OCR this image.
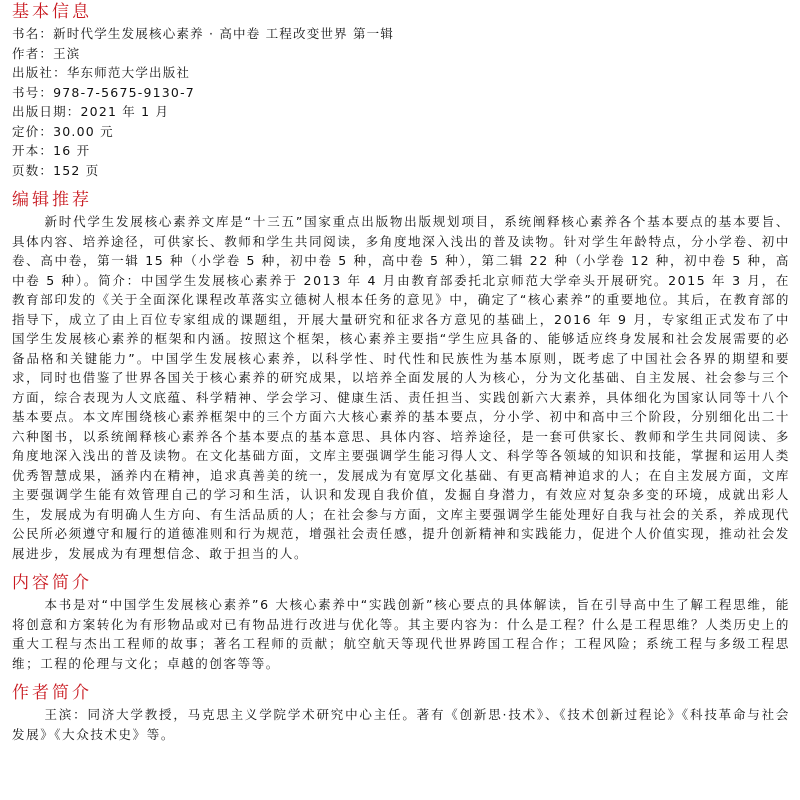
基本信息
书名：新时代学生发展核心素养 · 高中卷 工程改变世界 第一辑
作者：王滨
出版社：华东师范大学出版社
书号：978-7-5675-9130-7
出版日期：2021 年 1 月
定价：30.00 元
开本：16 开
页数：152 页
编辑推荐

新时代学生发展核心素养文库是“十三五”国家重点出版物出版规划项目，系统阐释核心素养各个基本要点的基本要旨、具体内容、培养途径，可供家长、教师和学生共同阅读，多角度地深入浅出的普及读物。针对学生年龄特点，分小学卷、初中卷、高中卷，第一辑 15 种（小学卷 5 种，初中卷 5 种，高中卷 5 种），第二辑 22 种（小学卷 12 种，初中卷 5 种，高中卷 5 种）。简介：中国学生发展核心素养于 2013 年 4 月由教育部委托北京师范大学牵头开展研究。2015 年 3 月，在教育部印发的《关于全面深化课程改革落实立德树人根本任务的意见》中，确定了“核心素养”的重要地位。其后，在教育部的指导下，成立了由上百位专家组成的课题组，开展大量研究和征求各方意见的基础上，2016 年 9 月，专家组正式发布了中国学生发展核心素养的框架和内涵。按照这个框架，核心素养主要指“学生应具备的、能够适应终身发展和社会发展需要的必备品格和关键能力”。中国学生发展核心素养，以科学性、时代性和民族性为基本原则，既考虑了中国社会各界的期望和要求，同时也借鉴了世界各国关于核心素养的研究成果，以培养全面发展的人为核心，分为文化基础、自主发展、社会参与三个方面，综合表现为人文底蕴、科学精神、学会学习、健康生活、责任担当、实践创新六大素养，具体细化为国家认同等十八个基本要点。本文库围绕核心素养框架中的三个方面六大核心素养的基本要点，分小学、初中和高中三个阶段，分别细化出二十六种图书，以系统阐释核心素养各个基本要点的基本意思、具体内容、培养途径，是一套可供家长、教师和学生共同阅读、多角度地深入浅出的普及读物。在文化基础方面，文库主要强调学生能习得人文、科学等各领域的知识和技能，掌握和运用人类优秀智慧成果，涵养内在精神，追求真善美的统一，发展成为有宽厚文化基础、有更高精神追求的人；在自主发展方面，文库主要强调学生能有效管理自己的学习和生活，认识和发现自我价值，发掘自身潜力，有效应对复杂多变的环境，成就出彩人生，发展成为有明确人生方向、有生活品质的人；在社会参与方面，文库主要强调学生能处理好自我与社会的关系，养成现代公民所必须遵守和履行的道德准则和行为规范，增强社会责任感，提升创新精神和实践能力，促进个人价值实现，推动社会发展进步，发展成为有理想信念、敢于担当的人。

内容简介

本书是对“中国学生发展核心素养”6 大核心素养中“实践创新”核心要点的具体解读，旨在引导高中生了解工程思维，能将创意和方案转化为有形物品或对已有物品进行改进与优化等。其主要内容为：什么是工程？什么是工程思维？人类历史上的重大工程与杰出工程师的故事；著名工程师的贡献；航空航天等现代世界跨国工程合作；工程风险；系统工程与多级工程思维；工程的伦理与文化；卓越的创客等等。

作者简介

王滨：同济大学教授，马克思主义学院学术研究中心主任。著有《创新思·技术》、《技术创新过程论》《科技革命与社会发展》《大众技术史》等。
